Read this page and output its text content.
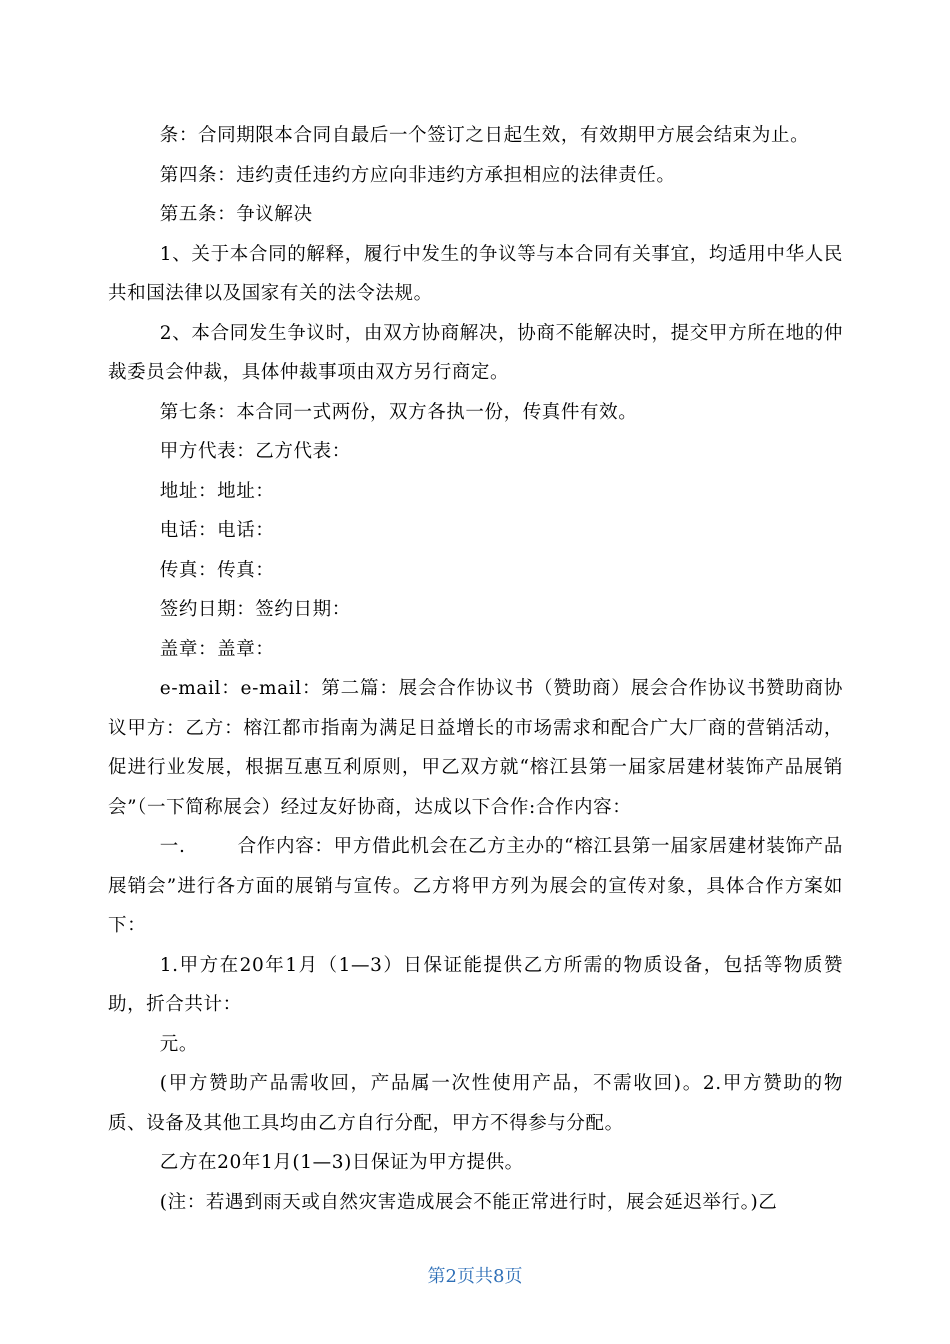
条：合同期限本合同自最后一个签订之日起生效，有效期甲方展会结束为止。

第四条：违约责任违约方应向非违约方承担相应的法律责任。

第五条：争议解决

1、关于本合同的解释，履行中发生的争议等与本合同有关事宜，均适用中华人民共和国法律以及国家有关的法令法规。

2、本合同发生争议时，由双方协商解决，协商不能解决时，提交甲方所在地的仲裁委员会仲裁，具体仲裁事项由双方另行商定。

第七条：本合同一式两份，双方各执一份，传真件有效。

甲方代表：乙方代表：

地址：地址：

电话：电话：

传真：传真：

签约日期：签约日期：

盖章：盖章：

e-mail：e-mail：第二篇：展会合作协议书（赞助商）展会合作协议书赞助商协议甲方：乙方：榕江都市指南为满足日益增长的市场需求和配合广大厂商的营销活动，促进行业发展，根据互惠互利原则，甲乙双方就“榕江县第一届家居建材装饰产品展销会”（一下简称展会）经过友好协商，达成以下合作:合作内容：

一.	合作内容：甲方借此机会在乙方主办的“榕江县第一届家居建材装饰产品展销会”进行各方面的展销与宣传。乙方将甲方列为展会的宣传对象，具体合作方案如下：

1.甲方在20年1月（1—3）日保证能提供乙方所需的物质设备，包括等物质赞助，折合共计：

元。

(甲方赞助产品需收回，产品属一次性使用产品，不需收回)。2.甲方赞助的物质、设备及其他工具均由乙方自行分配，甲方不得参与分配。

乙方在20年1月(1—3)日保证为甲方提供。

(注：若遇到雨天或自然灾害造成展会不能正常进行时，展会延迟举行。)乙

第2页共8页
